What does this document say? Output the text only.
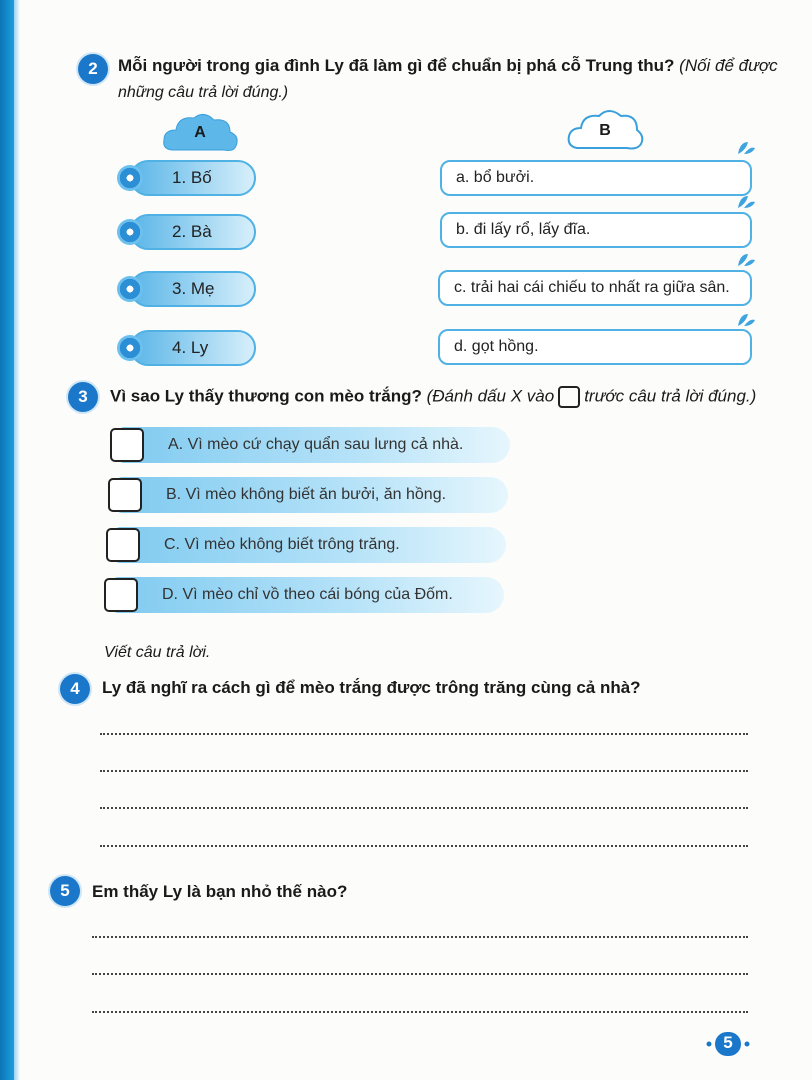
2	Mỗi người trong gia đình Ly đã làm gì để chuẩn bị phá cỗ Trung thu? (Nối để được
những câu trả lời đúng.)
A	B
1. Bố
2. Bà
3. Mẹ
4. Ly
a. bổ bưởi.
b. đi lấy rổ, lấy đĩa.
c. trải hai cái chiếu to nhất ra giữa sân.
d. gọt hồng.
3	Vì sao Ly thấy thương con mèo trắng? (Đánh dấu X vào trước câu trả lời đúng.)
A. Vì mèo cứ chạy quẩn sau lưng cả nhà.
B. Vì mèo không biết ăn bưởi, ăn hồng.
C. Vì mèo không biết trông trăng.
D. Vì mèo chỉ vồ theo cái bóng của Đốm.
Viết câu trả lời.
4	Ly đã nghĩ ra cách gì để mèo trắng được trông trăng cùng cả nhà?
5	Em thấy Ly là bạn nhỏ thế nào?
5
